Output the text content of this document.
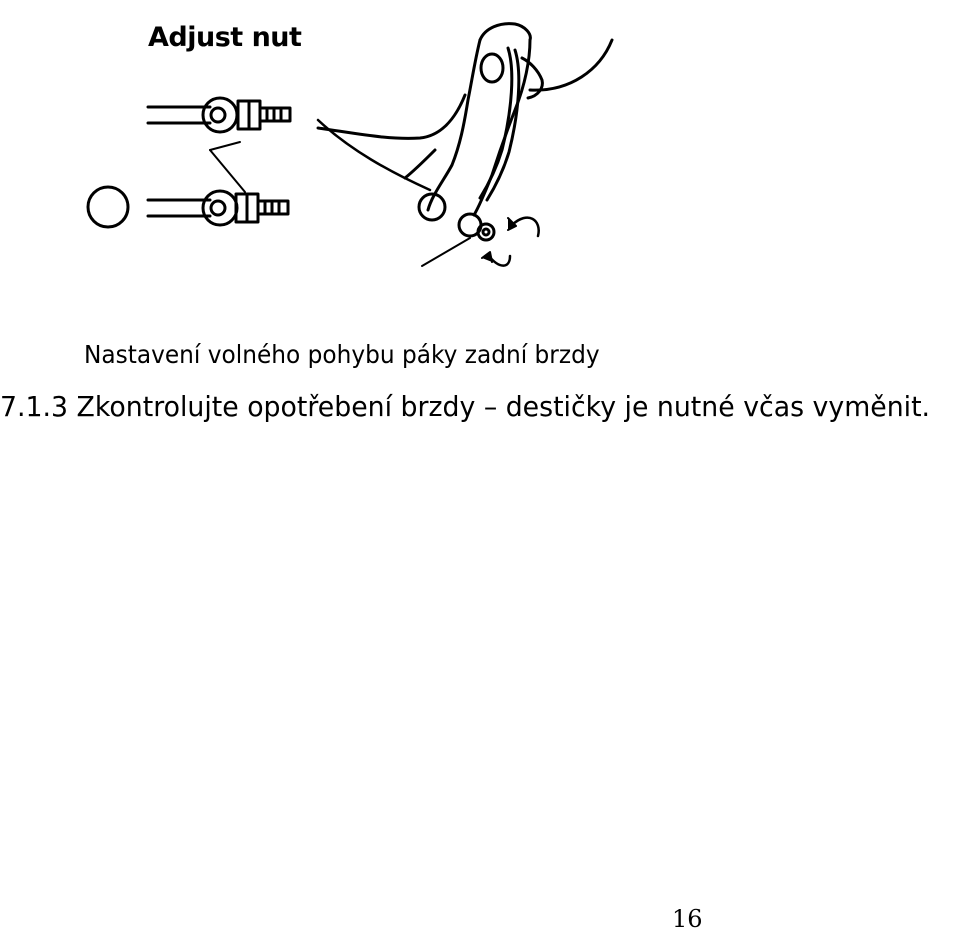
Adjust nut
Nastavení volného pohybu páky zadní brzdy
7.1.3 Zkontrolujte opotřebení brzdy – destičky je nutné včas vyměnit.
16
